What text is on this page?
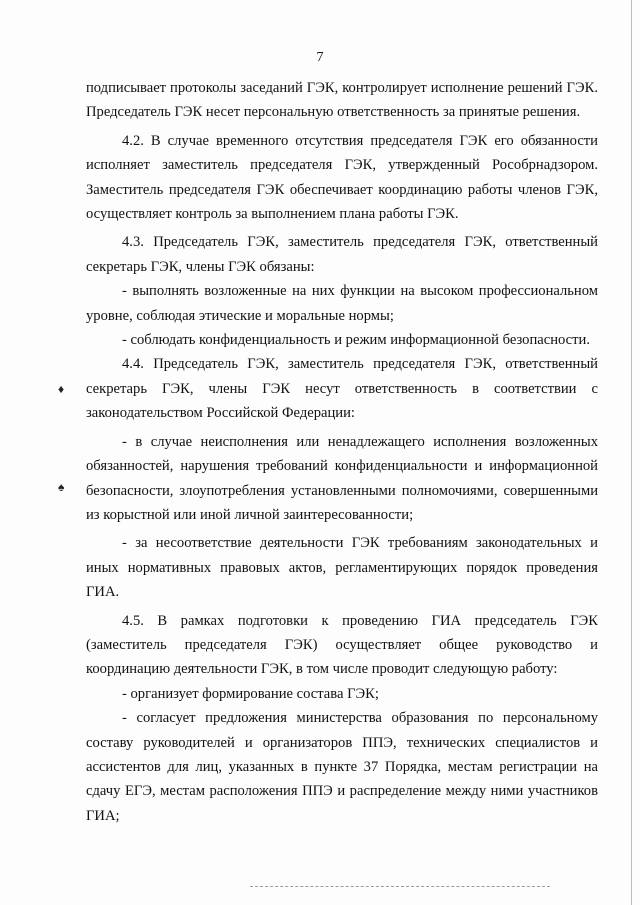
7
♦
♠

подписывает протоколы заседаний ГЭК, контролирует исполнение решений ГЭК. Председатель ГЭК несет персональную ответственность за принятые решения.

4.2. В случае временного отсутствия председателя ГЭК его обязанности исполняет заместитель председателя ГЭК, утвержденный Рособрнадзором. Заместитель председателя ГЭК обеспечивает координацию работы членов ГЭК, осуществляет контроль за выполнением плана работы ГЭК.

4.3. Председатель ГЭК, заместитель председателя ГЭК, ответственный секретарь ГЭК, члены ГЭК обязаны:

- выполнять возложенные на них функции на высоком профессиональном уровне, соблюдая этические и моральные нормы;

- соблюдать конфиденциальность и режим информационной безопасности.

4.4. Председатель ГЭК, заместитель председателя ГЭК, ответственный секретарь ГЭК, члены ГЭК несут ответственность в соответствии с законодательством Российской Федерации:

- в случае неисполнения или ненадлежащего исполнения возложенных обязанностей, нарушения требований конфиденциальности и информационной безопасности, злоупотребления установленными полномочиями, совершенными из корыстной или иной личной заинтересованности;

- за несоответствие деятельности ГЭК требованиям законодательных и иных нормативных правовых актов, регламентирующих порядок проведения ГИА.

4.5. В рамках подготовки к проведению ГИА председатель ГЭК (заместитель председателя ГЭК) осуществляет общее руководство и координацию деятельности ГЭК, в том числе проводит следующую работу:

- организует формирование состава ГЭК;

- согласует предложения министерства образования по персональному составу руководителей и организаторов ППЭ, технических специалистов и ассистентов для лиц, указанных в пункте 37 Порядка, местам регистрации на сдачу ЕГЭ, местам расположения ППЭ и распределение между ними участников ГИА;
